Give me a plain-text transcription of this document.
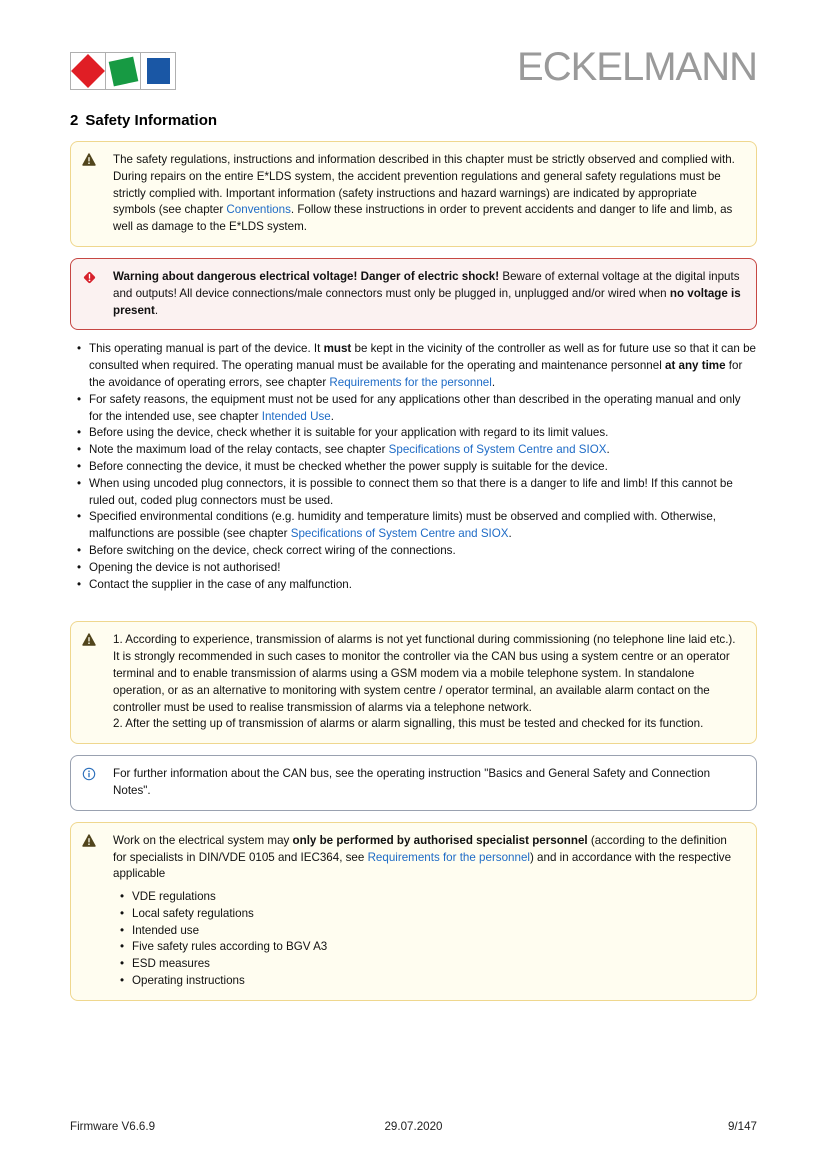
ECKELMANN
2 Safety Information
The safety regulations, instructions and information described in this chapter must be strictly observed and complied with. During repairs on the entire E*LDS system, the accident prevention regulations and general safety regulations must be strictly complied with. Important information (safety instructions and hazard warnings) are indicated by appropriate symbols (see chapter Conventions. Follow these instructions in order to prevent accidents and danger to life and limb, as well as damage to the E*LDS system.
Warning about dangerous electrical voltage! Danger of electric shock! Beware of external voltage at the digital inputs and outputs! All device connections/male connectors must only be plugged in, unplugged and/or wired when no voltage is present.
• This operating manual is part of the device. It must be kept in the vicinity of the controller as well as for future use so that it can be consulted when required. The operating manual must be available for the operating and maintenance personnel at any time for the avoidance of operating errors, see chapter Requirements for the personnel.
• For safety reasons, the equipment must not be used for any applications other than described in the operating manual and only for the intended use, see chapter Intended Use.
• Before using the device, check whether it is suitable for your application with regard to its limit values.
• Note the maximum load of the relay contacts, see chapter Specifications of System Centre and SIOX.
• Before connecting the device, it must be checked whether the power supply is suitable for the device.
• When using uncoded plug connectors, it is possible to connect them so that there is a danger to life and limb! If this cannot be ruled out, coded plug connectors must be used.
• Specified environmental conditions (e.g. humidity and temperature limits) must be observed and complied with. Otherwise, malfunctions are possible (see chapter Specifications of System Centre and SIOX.
• Before switching on the device, check correct wiring of the connections.
• Opening the device is not authorised!
• Contact the supplier in the case of any malfunction.

1. According to experience, transmission of alarms is not yet functional during commissioning (no telephone line laid etc.). It is strongly recommended in such cases to monitor the controller via the CAN bus using a system centre or an operator terminal and to enable transmission of alarms using a GSM modem via a mobile telephone system. In standalone operation, or as an alternative to monitoring with system centre / operator terminal, an available alarm contact on the controller must be used to realise transmission of alarms via a telephone network.

2. After the setting up of transmission of alarms or alarm signalling, this must be tested and checked for its function.

For further information about the CAN bus, see the operating instruction "Basics and General Safety and Connection Notes".

Work on the electrical system may only be performed by authorised specialist personnel (according to the definition for specialists in DIN/VDE 0105 and IEC364, see Requirements for the personnel) and in accordance with the respective applicable

• VDE regulations
• Local safety regulations
• Intended use
• Five safety rules according to BGV A3
• ESD measures
• Operating instructions
Firmware V6.6.9	29.07.2020	9/147
